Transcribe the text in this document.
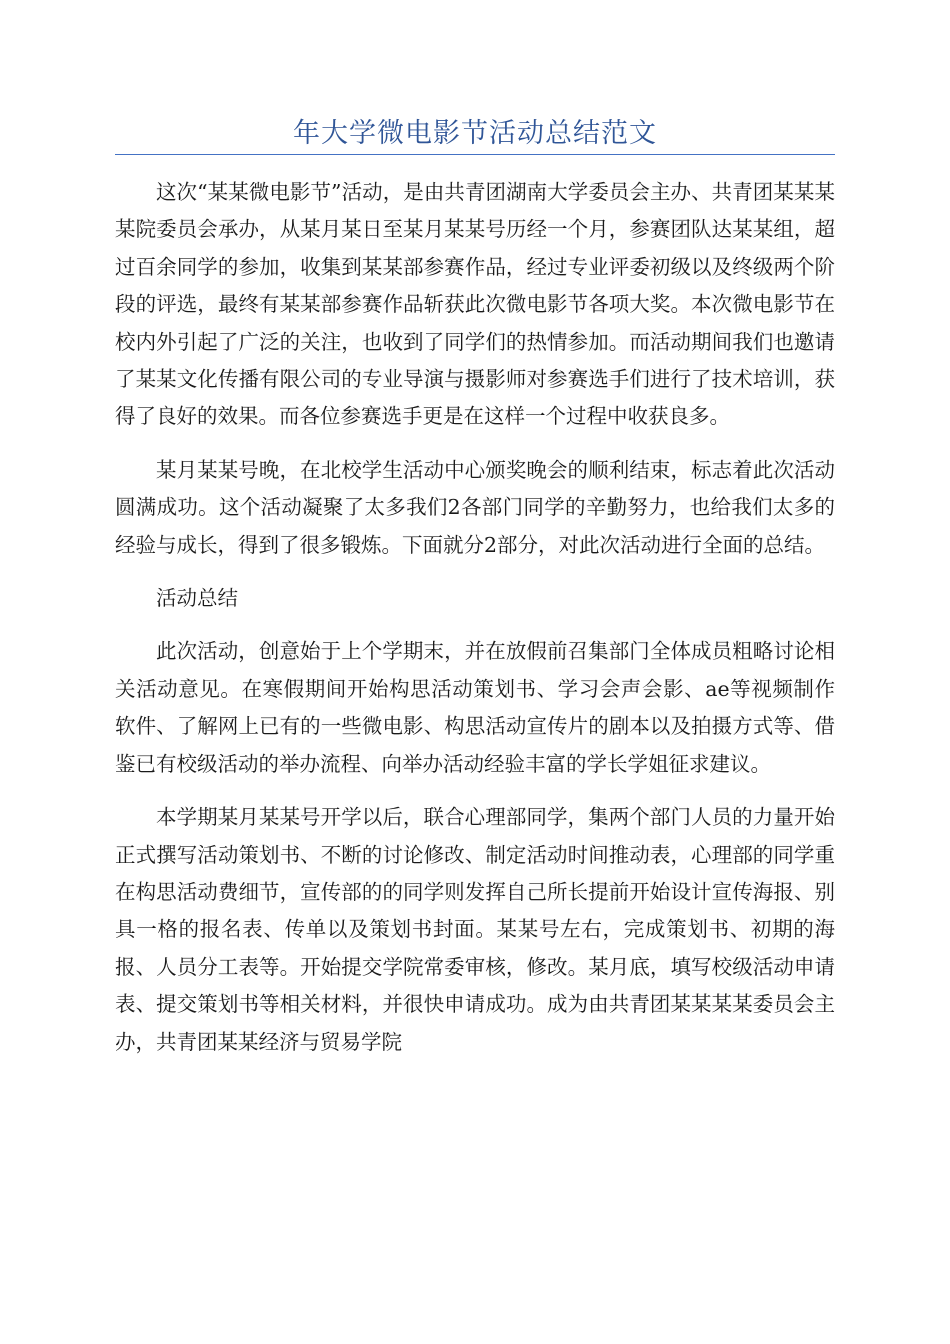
年大学微电影节活动总结范文

这次“某某微电影节”活动，是由共青团湖南大学委员会主办、共青团某某某某院委员会承办，从某月某日至某月某某号历经一个月，参赛团队达某某组，超过百余同学的参加，收集到某某部参赛作品，经过专业评委初级以及终级两个阶段的评选，最终有某某部参赛作品斩获此次微电影节各项大奖。本次微电影节在校内外引起了广泛的关注，也收到了同学们的热情参加。而活动期间我们也邀请了某某文化传播有限公司的专业导演与摄影师对参赛选手们进行了技术培训，获得了良好的效果。而各位参赛选手更是在这样一个过程中收获良多。

某月某某号晚，在北校学生活动中心颁奖晚会的顺利结束，标志着此次活动圆满成功。这个活动凝聚了太多我们2各部门同学的辛勤努力，也给我们太多的经验与成长，得到了很多锻炼。下面就分2部分，对此次活动进行全面的总结。

活动总结

此次活动，创意始于上个学期末，并在放假前召集部门全体成员粗略讨论相关活动意见。在寒假期间开始构思活动策划书、学习会声会影、ae等视频制作软件、了解网上已有的一些微电影、构思活动宣传片的剧本以及拍摄方式等、借鉴已有校级活动的举办流程、向举办活动经验丰富的学长学姐征求建议。

本学期某月某某号开学以后，联合心理部同学，集两个部门人员的力量开始正式撰写活动策划书、不断的讨论修改、制定活动时间推动表，心理部的同学重在构思活动费细节，宣传部的的同学则发挥自己所长提前开始设计宣传海报、别具一格的报名表、传单以及策划书封面。某某号左右，完成策划书、初期的海报、人员分工表等。开始提交学院常委审核，修改。某月底，填写校级活动申请表、提交策划书等相关材料，并很快申请成功。成为由共青团某某某某委员会主办，共青团某某经济与贸易学院
